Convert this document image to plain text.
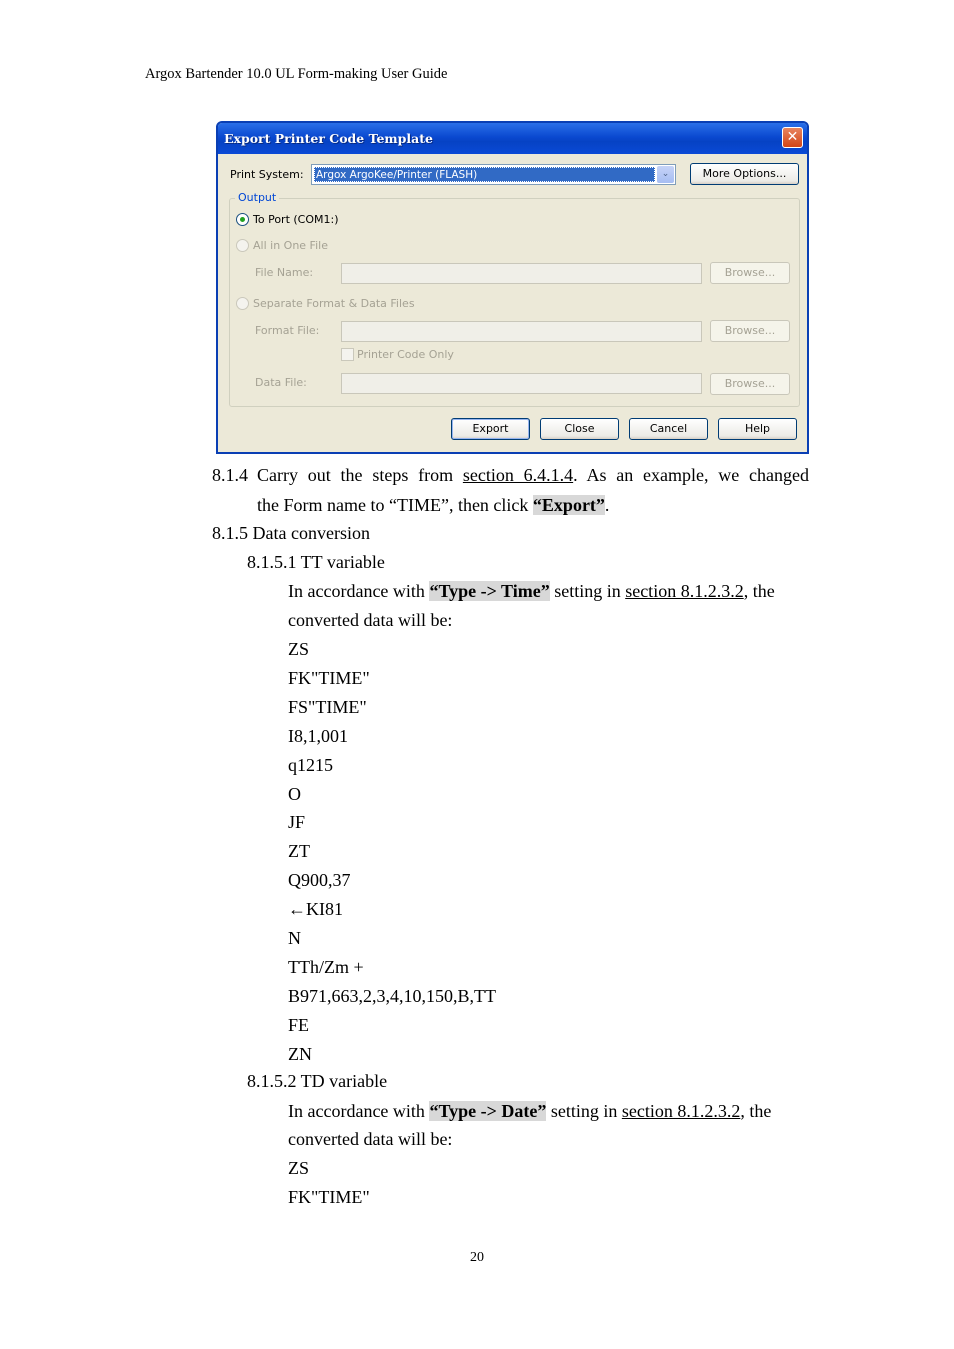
Argox Bartender 10.0 UL Form-making User Guide
Export Printer Code Template	✕
Print System: Argox ArgoKee/Printer (FLASH)	⌄	More Options...
Output
To Port (COM1:)
All in One File
File Name:	Browse...
Separate Format & Data Files
Format File:	Browse...
Printer Code Only
Data File:	Browse...
Export	Close	Cancel	Help
8.1.4 Carry out the steps from section 6.4.1.4. As an example, we changed
the Form name to “TIME”, then click “Export”.
8.1.5 Data conversion
8.1.5.1 TT variable
In accordance with “Type -> Time” setting in section 8.1.2.3.2, the
converted data will be:
ZS
FK"TIME"
FS"TIME"
I8,1,001
q1215
O
JF
ZT
Q900,37
←KI81
N
TTh/Zm +
B971,663,2,3,4,10,150,B,TT
FE
ZN
8.1.5.2 TD variable
In accordance with “Type -> Date” setting in section 8.1.2.3.2, the
converted data will be:
ZS
FK"TIME"
20
